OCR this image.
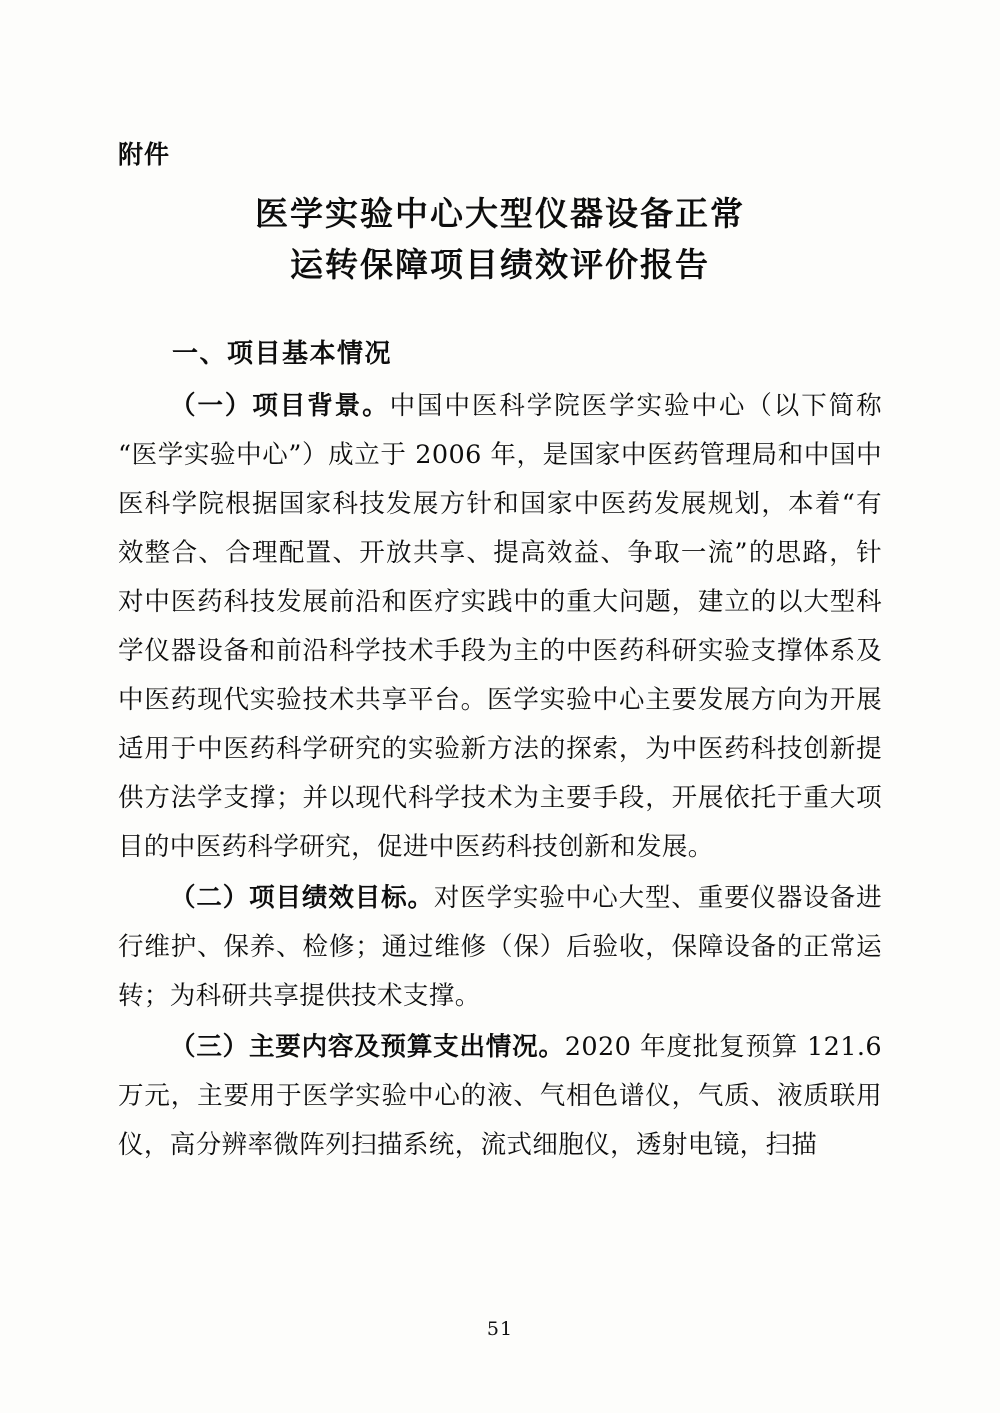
附件
医学实验中心大型仪器设备正常
运转保障项目绩效评价报告
一、项目基本情况

（一）项目背景。中国中医科学院医学实验中心（以下简称“医学实验中心”）成立于 2006 年，是国家中医药管理局和中国中医科学院根据国家科技发展方针和国家中医药发展规划，本着“有效整合、合理配置、开放共享、提高效益、争取一流”的思路，针对中医药科技发展前沿和医疗实践中的重大问题，建立的以大型科学仪器设备和前沿科学技术手段为主的中医药科研实验支撑体系及中医药现代实验技术共享平台。医学实验中心主要发展方向为开展适用于中医药科学研究的实验新方法的探索，为中医药科技创新提供方法学支撑；并以现代科学技术为主要手段，开展依托于重大项目的中医药科学研究，促进中医药科技创新和发展。

（二）项目绩效目标。对医学实验中心大型、重要仪器设备进行维护、保养、检修；通过维修（保）后验收，保障设备的正常运转；为科研共享提供技术支撑。

（三）主要内容及预算支出情况。2020 年度批复预算 121.6 万元，主要用于医学实验中心的液、气相色谱仪，气质、液质联用仪，高分辨率微阵列扫描系统，流式细胞仪，透射电镜，扫描

51
